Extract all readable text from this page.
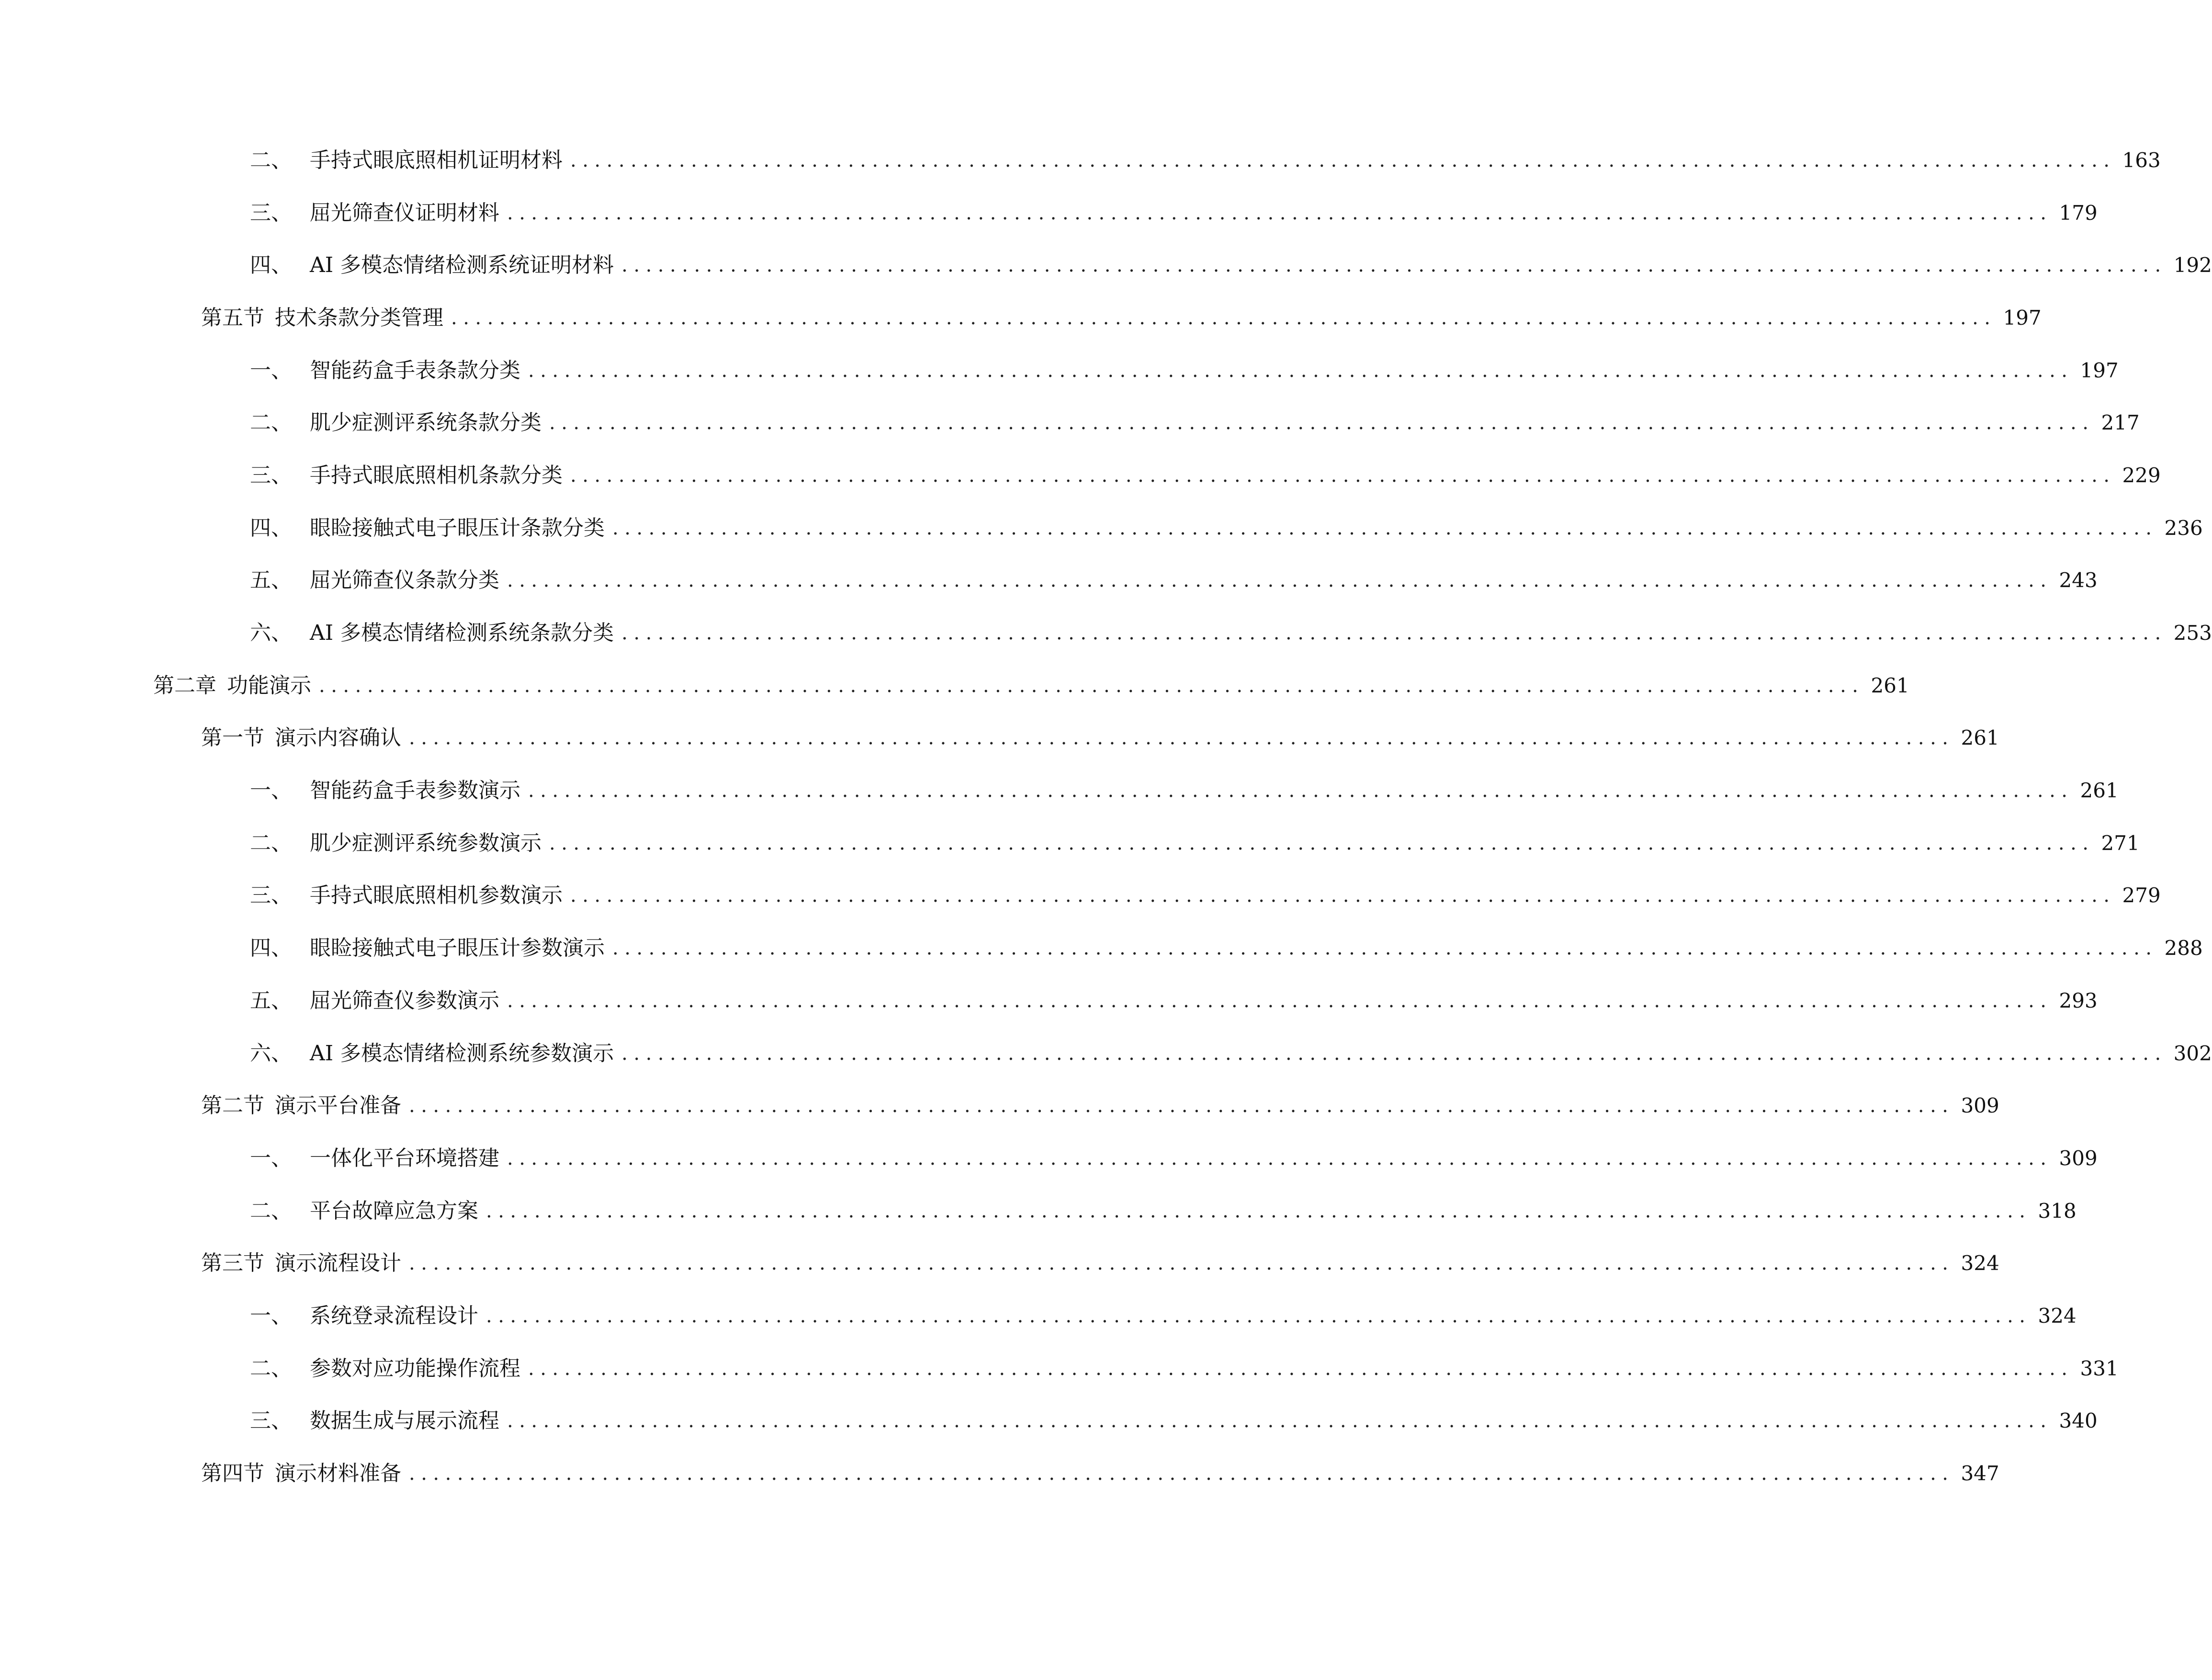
二、 手持式眼底照相机证明材料 ................................................................................................................................ 163
三、 屈光筛查仪证明材料 ................................................................................................................................ 179
四、 AI 多模态情绪检测系统证明材料 ................................................................................................................................ 192
第五节 技术条款分类管理 ................................................................................................................................ 197
一、 智能药盒手表条款分类 ................................................................................................................................ 197
二、 肌少症测评系统条款分类 ................................................................................................................................ 217
三、 手持式眼底照相机条款分类 ................................................................................................................................ 229
四、 眼睑接触式电子眼压计条款分类 ................................................................................................................................ 236
五、 屈光筛查仪条款分类 ................................................................................................................................ 243
六、 AI 多模态情绪检测系统条款分类 ................................................................................................................................ 253
第二章 功能演示 ................................................................................................................................ 261
第一节 演示内容确认 ................................................................................................................................ 261
一、 智能药盒手表参数演示 ................................................................................................................................ 261
二、 肌少症测评系统参数演示 ................................................................................................................................ 271
三、 手持式眼底照相机参数演示 ................................................................................................................................ 279
四、 眼睑接触式电子眼压计参数演示 ................................................................................................................................ 288
五、 屈光筛查仪参数演示 ................................................................................................................................ 293
六、 AI 多模态情绪检测系统参数演示 ................................................................................................................................ 302
第二节 演示平台准备 ................................................................................................................................ 309
一、 一体化平台环境搭建 ................................................................................................................................ 309
二、 平台故障应急方案 ................................................................................................................................ 318
第三节 演示流程设计 ................................................................................................................................ 324
一、 系统登录流程设计 ................................................................................................................................ 324
二、 参数对应功能操作流程 ................................................................................................................................ 331
三、 数据生成与展示流程 ................................................................................................................................ 340
第四节 演示材料准备 ................................................................................................................................ 347
